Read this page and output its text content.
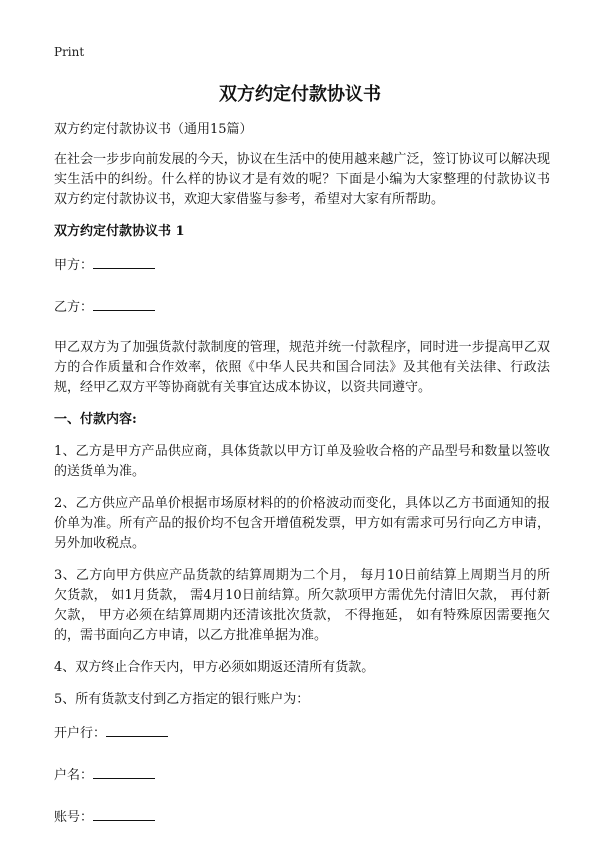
Print
双方约定付款协议书

双方约定付款协议书（通用15篇）

在社会一步步向前发展的今天，协议在生活中的使用越来越广泛，签订协议可以解决现实生活中的纠纷。什么样的协议才是有效的呢？下面是小编为大家整理的付款协议书 双方约定付款协议书，欢迎大家借鉴与参考，希望对大家有所帮助。

双方约定付款协议书 1

甲方：

乙方：

甲乙双方为了加强货款付款制度的管理，规范并统一付款程序，同时进一步提高甲乙双方的合作质量和合作效率，依照《中华人民共和国合同法》及其他有关法律、行政法规，经甲乙双方平等协商就有关事宜达成本协议，以资共同遵守。

一、付款内容:

1、乙方是甲方产品供应商，具体货款以甲方订单及验收合格的产品型号和数量以签收的送货单为准。

2、乙方供应产品单价根据市场原材料的的价格波动而变化，具体以乙方书面通知的报价单为准。所有产品的报价均不包含开增值税发票，甲方如有需求可另行向乙方申请，另外加收税点。

3、乙方向甲方供应产品货款的结算周期为二个月， 每月10日前结算上周期当月的所欠货款， 如1月货款， 需4月10日前结算。所欠款项甲方需优先付清旧欠款， 再付新欠款， 甲方必须在结算周期内还清该批次货款， 不得拖延， 如有特殊原因需要拖欠的，需书面向乙方申请，以乙方批准单据为准。

4、双方终止合作天内，甲方必须如期返还清所有货款。

5、所有货款支付到乙方指定的银行账户为：

开户行：

户名：

账号：
